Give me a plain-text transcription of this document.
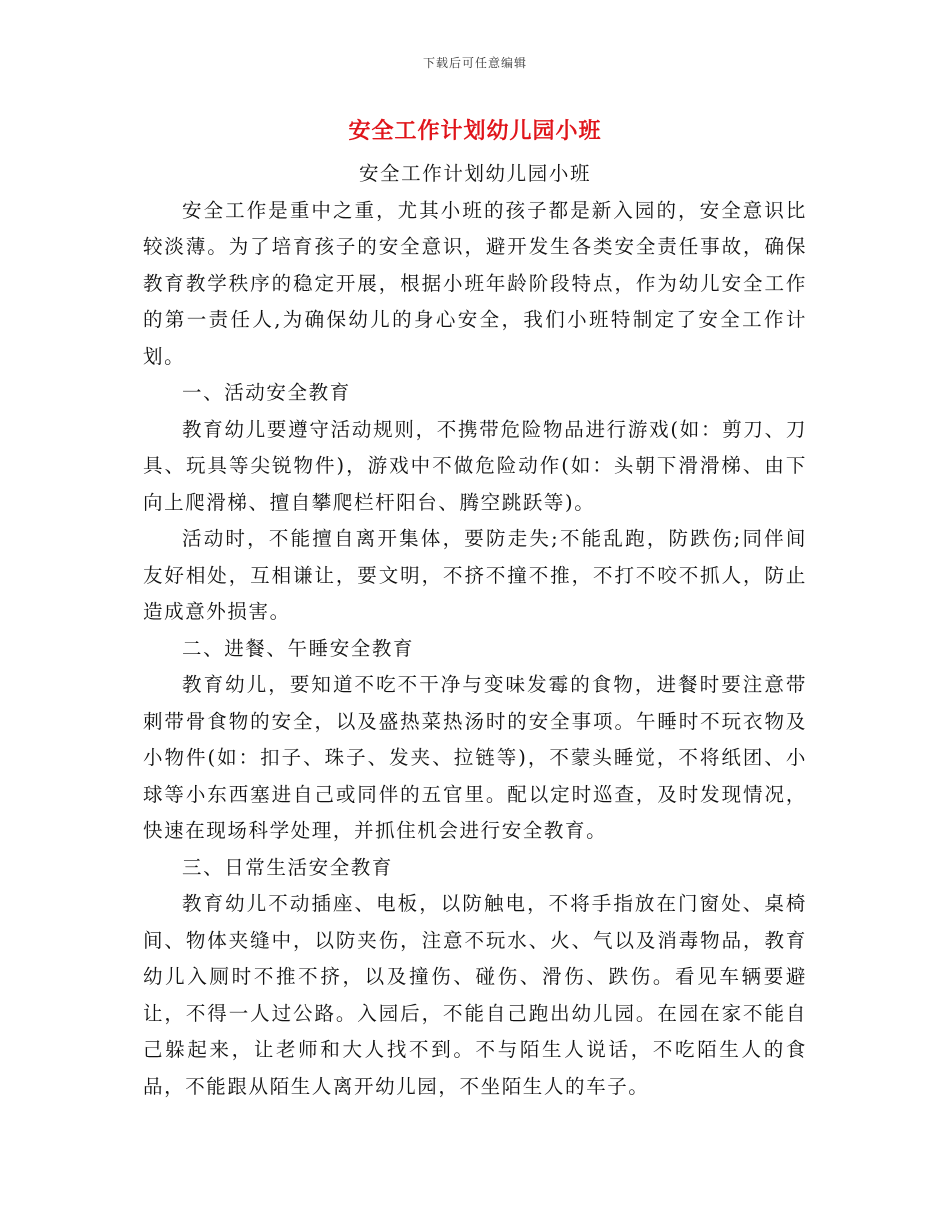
下载后可任意编辑
安全工作计划幼儿园小班

安全工作计划幼儿园小班

安全工作是重中之重，尤其小班的孩子都是新入园的，安全意识比较淡薄。为了培育孩子的安全意识，避开发生各类安全责任事故，确保教育教学秩序的稳定开展，根据小班年龄阶段特点，作为幼儿安全工作的第一责任人,为确保幼儿的身心安全，我们小班特制定了安全工作计划。

一、活动安全教育

教育幼儿要遵守活动规则，不携带危险物品进行游戏(如：剪刀、刀具、玩具等尖锐物件)，游戏中不做危险动作(如：头朝下滑滑梯、由下向上爬滑梯、擅自攀爬栏杆阳台、腾空跳跃等)。

活动时，不能擅自离开集体，要防走失;不能乱跑，防跌伤;同伴间友好相处，互相谦让，要文明，不挤不撞不推，不打不咬不抓人，防止造成意外损害。

二、进餐、午睡安全教育

教育幼儿，要知道不吃不干净与变味发霉的食物，进餐时要注意带刺带骨食物的安全，以及盛热菜热汤时的安全事项。午睡时不玩衣物及小物件(如：扣子、珠子、发夹、拉链等)，不蒙头睡觉，不将纸团、小球等小东西塞进自己或同伴的五官里。配以定时巡查，及时发现情况，快速在现场科学处理，并抓住机会进行安全教育。

三、日常生活安全教育

教育幼儿不动插座、电板，以防触电，不将手指放在门窗处、桌椅间、物体夹缝中，以防夹伤，注意不玩水、火、气以及消毒物品，教育幼儿入厕时不推不挤，以及撞伤、碰伤、滑伤、跌伤。看见车辆要避让，不得一人过公路。入园后，不能自己跑出幼儿园。在园在家不能自己躲起来，让老师和大人找不到。不与陌生人说话，不吃陌生人的食品，不能跟从陌生人离开幼儿园，不坐陌生人的车子。
